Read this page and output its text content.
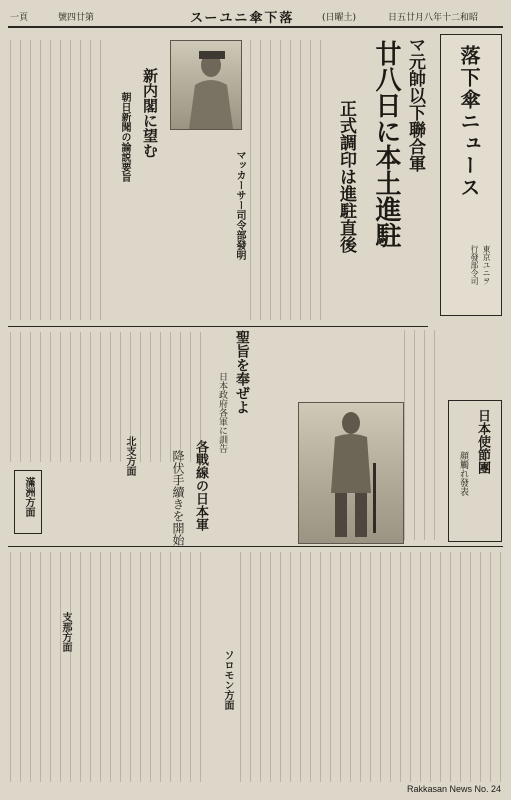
一頁	號四廿第	スーユニ傘下落	(日曜土)	日五廿月八年十二和昭
落下傘ニュース
東京ユニヲ
行發部令司
マ元帥以下聯合軍
廿八日に本土進駐
正式調印は進駐直後
マッカーサー司令部發明
新内閣に望む
朝日新聞の論説要旨
聖旨を奉ぜよ
日本政府各軍に訓告
各戰線の日本軍
降伏手續きを開始
日本使節團
顔觸れ發表
滿洲方面
北支方面
支那方面
ソロモン方面
Rakkasan News No. 24
